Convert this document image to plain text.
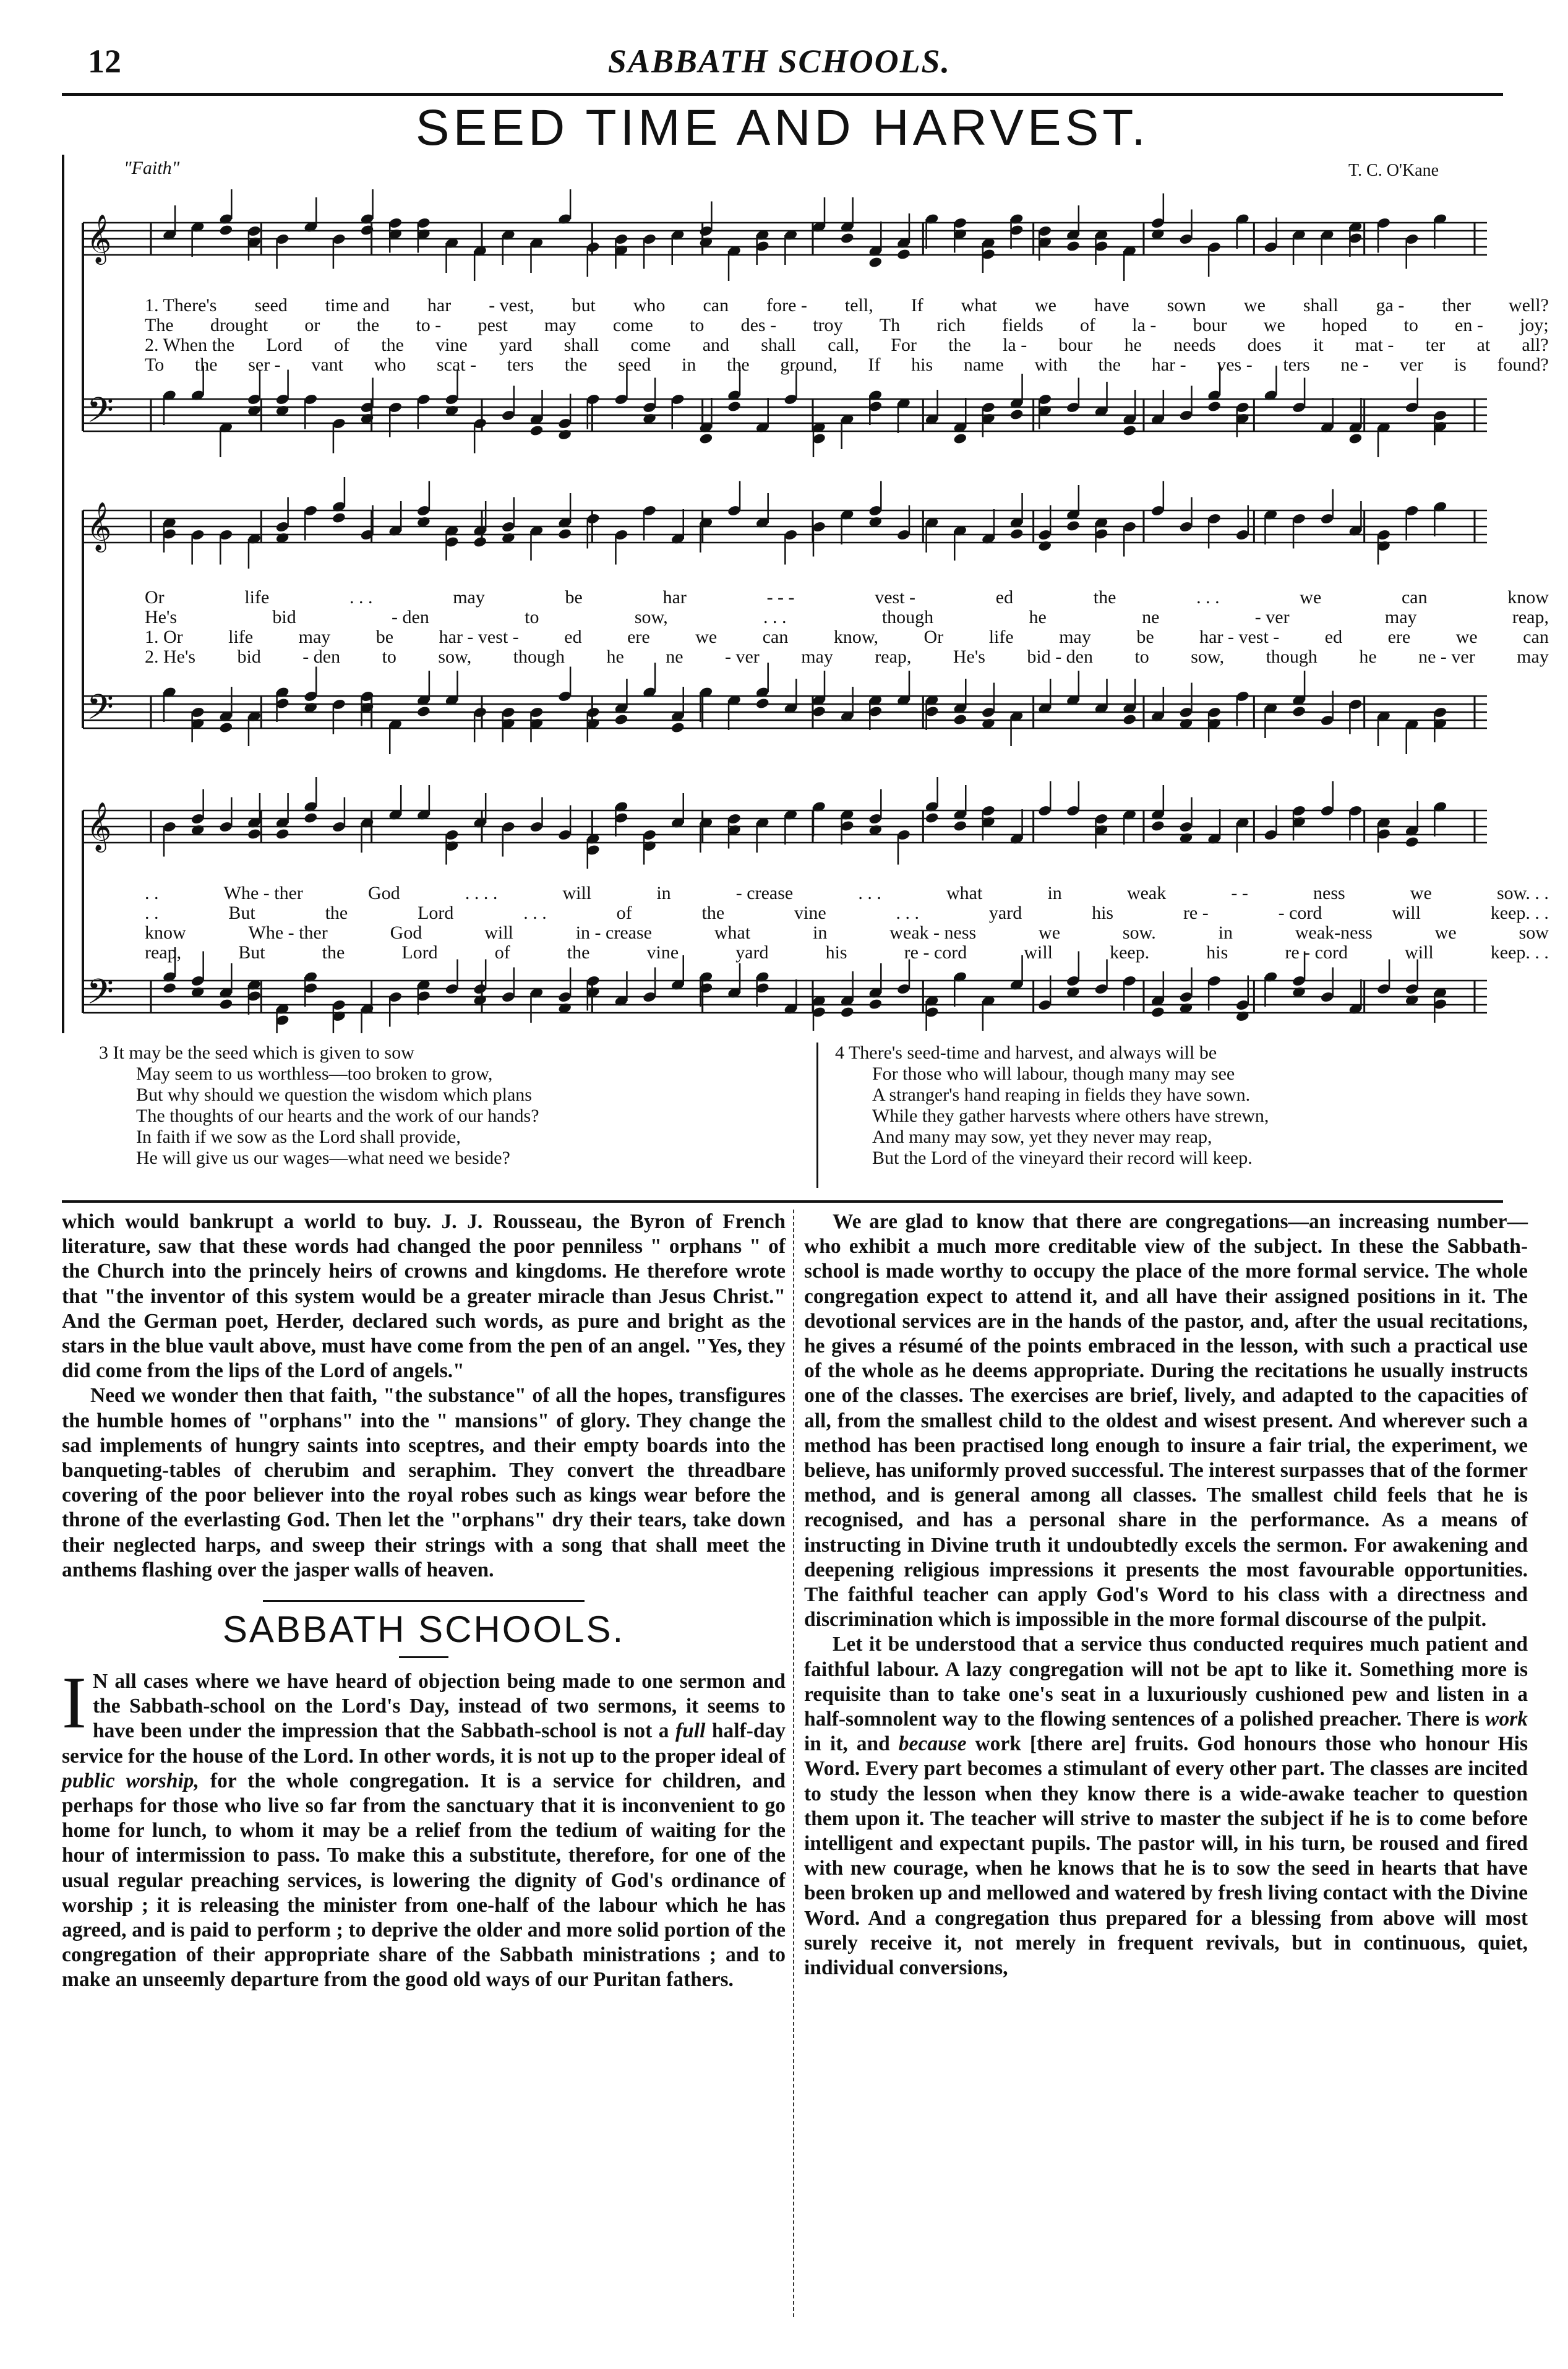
12	SABBATH SCHOOLS.
SEED TIME AND HARVEST.
"Faith"	T. C. O'Kane
𝄞
𝄢
𝄞
𝄢
𝄞
𝄢
1. There's seed time and har - vest, but who can fore - tell, If what we have sown we shall ga - ther well?
The drought or the to - pest may come to des - troy Th rich fields of la - bour we hoped to en - joy;
2. When the Lord of the vine yard shall come and shall call, For the la - bour he needs does it mat - ter at all?
To the ser - vant who scat - ters the seed in the ground, If his name with the har - ves - ters ne - ver is found?
Or	life	. . .	may	be	har	- - -	vest -	ed	the	. . .	we	can	know
He's	bid	- den	to	sow,	. . .	though	he	ne	- ver	may	reap,
1. Or life may be har - vest - ed ere we can know, Or life may be har - vest - ed ere we can
2. He's bid - den to sow, though he ne - ver may reap, He's bid - den to sow, though he ne - ver may
. .	Whe - ther	God	. . . .	will	in	- crease	. . .	what	in	weak	- -	ness	we	sow. . .
. .	But	the	Lord	. . .	of	the	vine	. . .	yard	his	re -	- cord	will	keep. . .
know	Whe - ther	God	will	in - crease	what	in	weak - ness	we	sow.	in	weak-ness	we	sow
reap,	But	the	Lord	of	the	vine	yard	his	re - cord	will	keep.	his	re - cord	will	keep. . .
3 It may be the seed which is given to sow
May seem to us worthless—too broken to grow,
But why should we question the wisdom which plans
The thoughts of our hearts and the work of our hands?
In faith if we sow as the Lord shall provide,
He will give us our wages—what need we beside?
4 There's seed-time and harvest, and always will be
For those who will labour, though many may see
A stranger's hand reaping in fields they have sown.
While they gather harvests where others have strewn,
And many may sow, yet they never may reap,
But the Lord of the vineyard their record will keep.

which would bankrupt a world to buy. J. J. Rousseau, the Byron of French literature, saw that these words had changed the poor penniless " orphans " of the Church into the princely heirs of crowns and kingdoms. He therefore wrote that "the inventor of this system would be a greater miracle than Jesus Christ." And the German poet, Herder, declared such words, as pure and bright as the stars in the blue vault above, must have come from the pen of an angel. "Yes, they did come from the lips of the Lord of angels."

Need we wonder then that faith, "the substance" of all the hopes, transfigures the humble homes of "orphans" into the " mansions" of glory. They change the sad implements of hungry saints into sceptres, and their empty boards into the banqueting-tables of cherubim and seraphim. They convert the threadbare covering of the poor believer into the royal robes such as kings wear before the throne of the everlasting God. Then let the "orphans" dry their tears, take down their neglected harps, and sweep their strings with a song that shall meet the anthems flashing over the jasper walls of heaven.

SABBATH SCHOOLS.

I N all cases where we have heard of objection being made to one sermon and the Sabbath-school on the Lord's Day, instead of two sermons, it seems to have been under the impression that the Sabbath-school is not a full half-day service for the house of the Lord. In other words, it is not up to the proper ideal of public worship, for the whole congregation. It is a service for children, and perhaps for those who live so far from the sanctuary that it is inconvenient to go home for lunch, to whom it may be a relief from the tedium of waiting for the hour of intermission to pass. To make this a substitute, therefore, for one of the usual regular preaching services, is lowering the dignity of God's ordinance of worship ; it is releasing the minister from one-half of the labour which he has agreed, and is paid to perform ; to deprive the older and more solid portion of the congregation of their appropriate share of the Sabbath ministrations ; and to make an unseemly departure from the good old ways of our Puritan fathers.

We are glad to know that there are congregations—an increasing number—who exhibit a much more creditable view of the subject. In these the Sabbath-school is made worthy to occupy the place of the more formal service. The whole congregation expect to attend it, and all have their assigned positions in it. The devotional services are in the hands of the pastor, and, after the usual recitations, he gives a résumé of the points embraced in the lesson, with such a practical use of the whole as he deems appropriate. During the recitations he usually instructs one of the classes. The exercises are brief, lively, and adapted to the capacities of all, from the smallest child to the oldest and wisest present. And wherever such a method has been practised long enough to insure a fair trial, the experiment, we believe, has uniformly proved successful. The interest surpasses that of the former method, and is general among all classes. The smallest child feels that he is recognised, and has a personal share in the performance. As a means of instructing in Divine truth it undoubtedly excels the sermon. For awakening and deepening religious impressions it presents the most favourable opportunities. The faithful teacher can apply God's Word to his class with a directness and discrimination which is impossible in the more formal discourse of the pulpit.

Let it be understood that a service thus conducted requires much patient and faithful labour. A lazy congregation will not be apt to like it. Something more is requisite than to take one's seat in a luxuriously cushioned pew and listen in a half-somnolent way to the flowing sentences of a polished preacher. There is work in it, and because work [there are] fruits. God honours those who honour His Word. Every part becomes a stimulant of every other part. The classes are incited to study the lesson when they know there is a wide-awake teacher to question them upon it. The teacher will strive to master the subject if he is to come before intelligent and expectant pupils. The pastor will, in his turn, be roused and fired with new courage, when he knows that he is to sow the seed in hearts that have been broken up and mellowed and watered by fresh living contact with the Divine Word. And a congregation thus prepared for a blessing from above will most surely receive it, not merely in frequent revivals, but in continuous, quiet, individual conversions,
